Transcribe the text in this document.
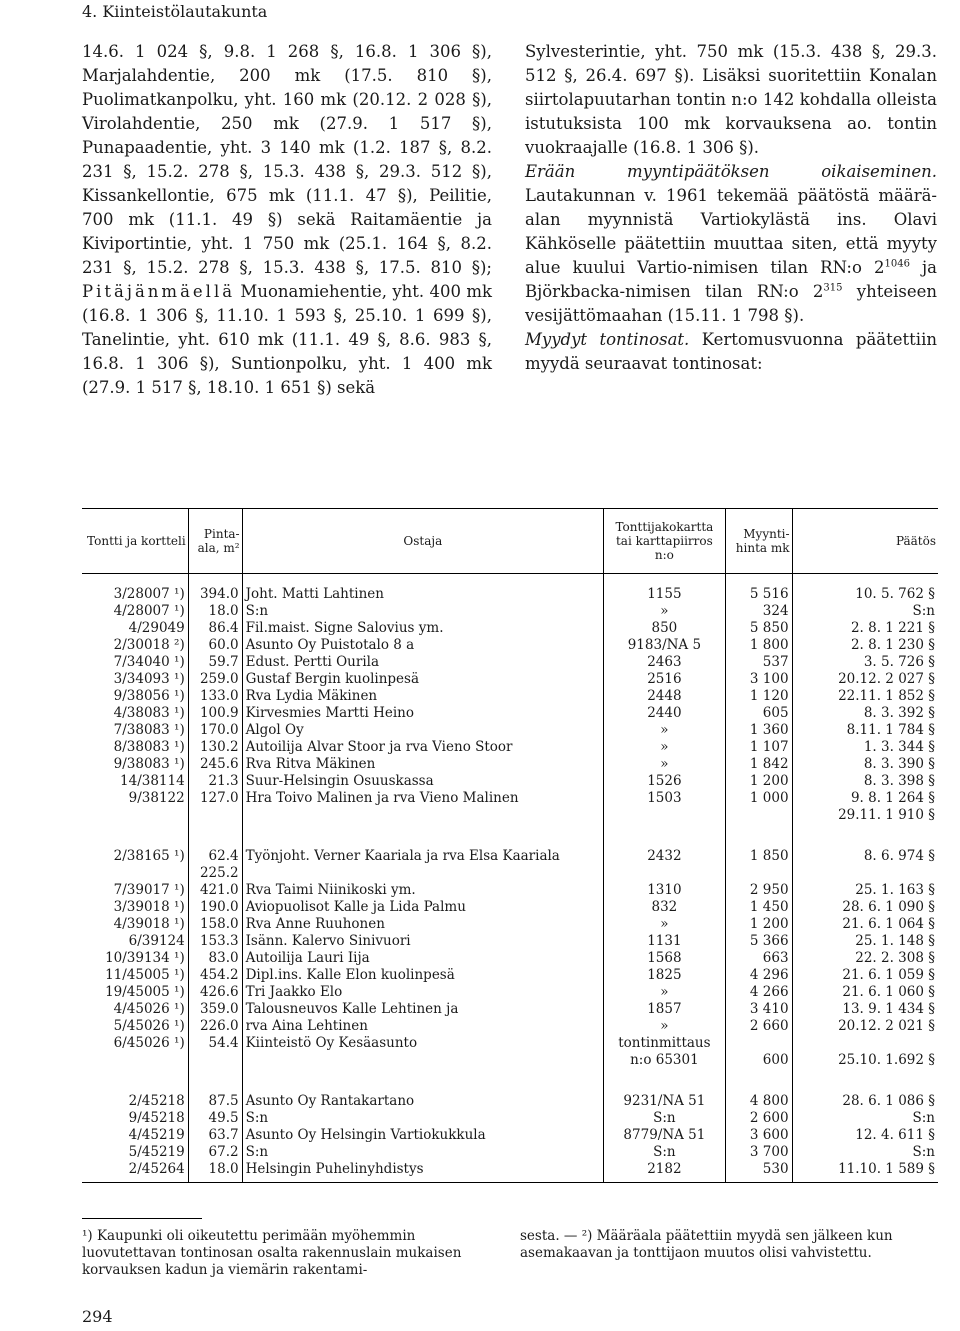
4. Kiinteistölautakunta

14.6. 1 024 §, 9.8. 1 268 §, 16.8. 1 306 §), Marjalahdentie, 200 mk (17.5. 810 §), Puolimatkanpolku, yht. 160 mk (20.12. 2 028 §), Virolahdentie, 250 mk (27.9. 1 517 §), Punapaadentie, yht. 3 140 mk (1.2. 187 §, 8.2. 231 §, 15.2. 278 §, 15.3. 438 §, 29.3. 512 §), Kissankellontie, 675 mk (11.1. 47 §), Peilitie, 700 mk (11.1. 49 §) sekä Raitamäentie ja Kiviportintie, yht. 1 750 mk (25.1. 164 §, 8.2. 231 §, 15.2. 278 §, 15.3. 438 §, 17.5. 810 §); Pitäjänmäellä Muonamiehentie, yht. 400 mk (16.8. 1 306 §, 11.10. 1 593 §, 25.10. 1 699 §), Tanelintie, yht. 610 mk (11.1. 49 §, 8.6. 983 §, 16.8. 1 306 §), Suntionpolku, yht. 1 400 mk (27.9. 1 517 §, 18.10. 1 651 §) sekä

Sylvesterintie, yht. 750 mk (15.3. 438 §, 29.3. 512 §, 26.4. 697 §). Lisäksi suoritettiin Konalan siirtolapuutarhan tontin n:o 142 kohdalla olleista istutuksista 100 mk korvauksena ao. tontin vuokraajalle (16.8. 1 306 §).

Erään myyntipäätöksen oikaiseminen. Lautakunnan v. 1961 tekemää päätöstä määrä-alan myynnistä Vartiokylästä ins. Olavi Kähköselle päätettiin muuttaa siten, että myyty alue kuului Vartio-nimisen tilan RN:o $2^{1046}$ ja Björkbacka-nimisen tilan RN:o $2^{315}$ yhteiseen vesijättömaahan (15.11. 1 798 §).

Myydyt tontinosat. Kertomusvuonna päätettiin myydä seuraavat tontinosat:

Tontti ja kortteli	Pinta-ala, m²	Ostaja	Tonttijakokartta tai karttapiirros n:o	Myynti-hinta mk	Päätös
3/28007 ¹)	394.0	Joht. Matti Lahtinen	1155	5 516	10. 5. 762 §
4/28007 ¹)	18.0	S:n	»	324	S:n
4/29049	86.4	Fil.maist. Signe Salovius ym.	850	5 850	2. 8. 1 221 §
2/30018 ²)	60.0	Asunto Oy Puistotalo 8 a	9183/NA 5	1 800	2. 8. 1 230 §
7/34040 ¹)	59.7	Edust. Pertti Ourila	2463	537	3. 5. 726 §
3/34093 ¹)	259.0	Gustaf Bergin kuolinpesä	2516	3 100	20.12. 2 027 §
9/38056 ¹)	133.0	Rva Lydia Mäkinen	2448	1 120	22.11. 1 852 §
4/38083 ¹)	100.9	Kirvesmies Martti Heino	2440	605	8. 3. 392 §
7/38083 ¹)	170.0	Algol Oy	»	1 360	8.11. 1 784 §
8/38083 ¹)	130.2	Autoilija Alvar Stoor ja rva Vieno Stoor	»	1 107	1. 3. 344 §
9/38083 ¹)	245.6	Rva Ritva Mäkinen	»	1 842	8. 3. 390 §
14/38114	21.3	Suur-Helsingin Osuuskassa	1526	1 200	8. 3. 398 §
9/38122	127.0	Hra Toivo Malinen ja rva Vieno Malinen	1503	1 000	9. 8. 1 264 §
					29.11. 1 910 §
2/38165 ¹)	62.4	Työnjoht. Verner Kaariala ja rva Elsa Kaariala	2432	1 850	8. 6. 974 §
	225.2				
7/39017 ¹)	421.0	Rva Taimi Niinikoski ym.	1310	2 950	25. 1. 163 §
3/39018 ¹)	190.0	Aviopuolisot Kalle ja Lida Palmu	832	1 450	28. 6. 1 090 §
4/39018 ¹)	158.0	Rva Anne Ruuhonen	»	1 200	21. 6. 1 064 §
6/39124	153.3	Isänn. Kalervo Sinivuori	1131	5 366	25. 1. 148 §
10/39134 ¹)	83.0	Autoilija Lauri Iija	1568	663	22. 2. 308 §
11/45005 ¹)	454.2	Dipl.ins. Kalle Elon kuolinpesä	1825	4 296	21. 6. 1 059 §
19/45005 ¹)	426.6	Tri Jaakko Elo	»	4 266	21. 6. 1 060 §
4/45026 ¹)	359.0	Talousneuvos Kalle Lehtinen ja	1857	3 410	13. 9. 1 434 §
5/45026 ¹)	226.0	rva Aina Lehtinen	»	2 660	20.12. 2 021 §
6/45026 ¹)	54.4	Kiinteistö Oy Kesäasunto	tontinmittaus		
			n:o 65301	600	25.10. 1.692 §
2/45218	87.5	Asunto Oy Rantakartano	9231/NA 51	4 800	28. 6. 1 086 §
9/45218	49.5	S:n	S:n	2 600	S:n
4/45219	63.7	Asunto Oy Helsingin Vartiokukkula	8779/NA 51	3 600	12. 4. 611 §
5/45219	67.2	S:n	S:n	3 700	S:n
2/45264	18.0	Helsingin Puhelinyhdistys	2182	530	11.10. 1 589 §
¹) Kaupunki oli oikeutettu perimään myöhemmin luovutettavan tontinosan osalta rakennuslain mukaisen korvauksen kadun ja viemärin rakentami-
sesta. — ²) Määräala päätettiin myydä sen jälkeen kun asemakaavan ja tonttijaon muutos olisi vahvistettu.
294
